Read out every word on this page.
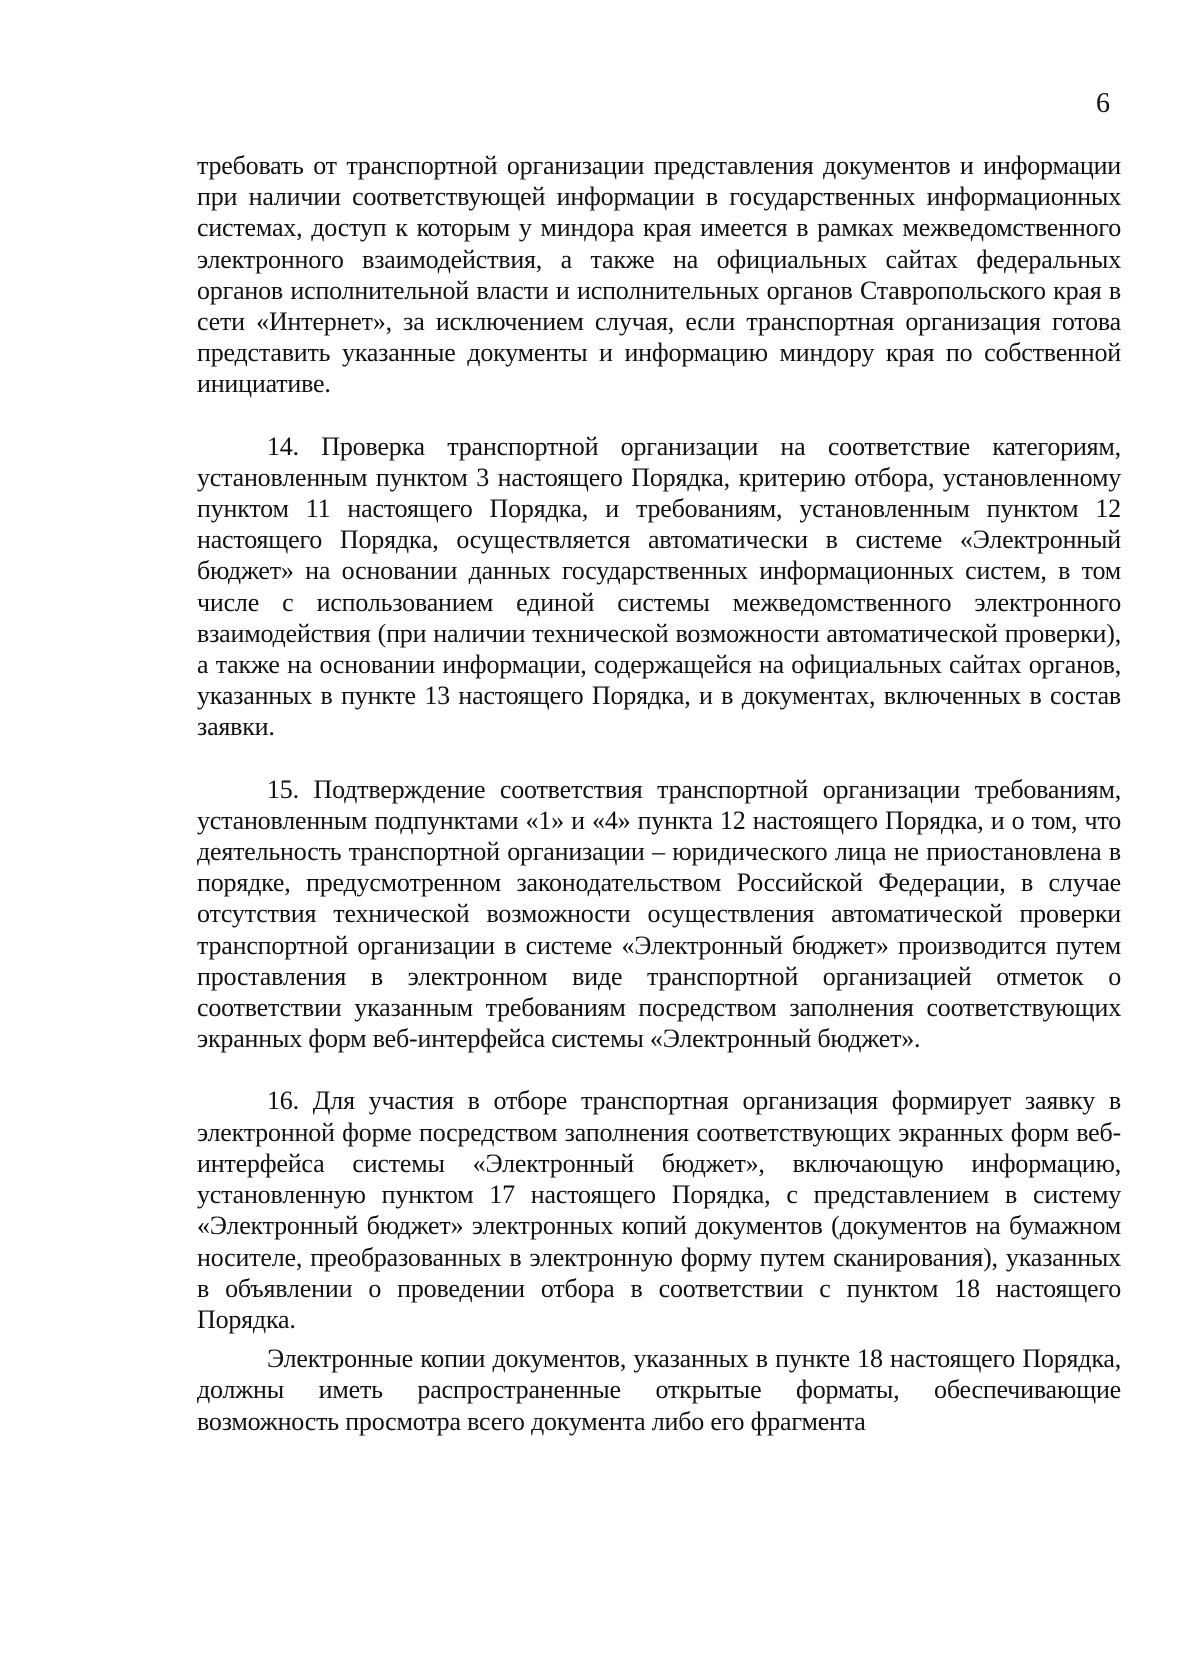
6

требовать от транспортной организации представления документов и информации при наличии соответствующей информации в государственных информационных системах, доступ к которым у миндора края имеется в рамках межведомственного электронного взаимодействия, а также на официальных сайтах федеральных органов исполнительной власти и исполнительных органов Ставропольского края в сети «Интернет», за исключением случая, если транспортная организация готова представить указанные документы и информацию миндору края по собственной инициативе.

14. Проверка транспортной организации на соответствие категориям, установленным пунктом 3 настоящего Порядка, критерию отбора, установленному пунктом 11 настоящего Порядка, и требованиям, установленным пунктом 12 настоящего Порядка, осуществляется автоматически в системе «Электронный бюджет» на основании данных государственных информационных систем, в том числе с использованием единой системы межведомственного электронного взаимодействия (при наличии технической возможности автоматической проверки), а также на основании информации, содержащейся на официальных сайтах органов, указанных в пункте 13 настоящего Порядка, и в документах, включенных в состав заявки.

15. Подтверждение соответствия транспортной организации требованиям, установленным подпунктами «1» и «4» пункта 12 настоящего Порядка, и о том, что деятельность транспортной организации – юридического лица не приостановлена в порядке, предусмотренном законодательством Российской Федерации, в случае отсутствия технической возможности осуществления автоматической проверки транспортной организации в системе «Электронный бюджет» производится путем проставления в электронном виде транспортной организацией отметок о соответствии указанным требованиям посредством заполнения соответствующих экранных форм веб-интерфейса системы «Электронный бюджет».

16. Для участия в отборе транспортная организация формирует заявку в электронной форме посредством заполнения соответствующих экранных форм веб-интерфейса системы «Электронный бюджет», включающую информацию, установленную пунктом 17 настоящего Порядка, с представлением в систему «Электронный бюджет» электронных копий документов (документов на бумажном носителе, преобразованных в электронную форму путем сканирования), указанных в объявлении о проведении отбора в соответствии с пунктом 18 настоящего Порядка.

Электронные копии документов, указанных в пункте 18 настоящего Порядка, должны иметь распространенные открытые форматы, обеспечивающие возможность просмотра всего документа либо его фрагмента
